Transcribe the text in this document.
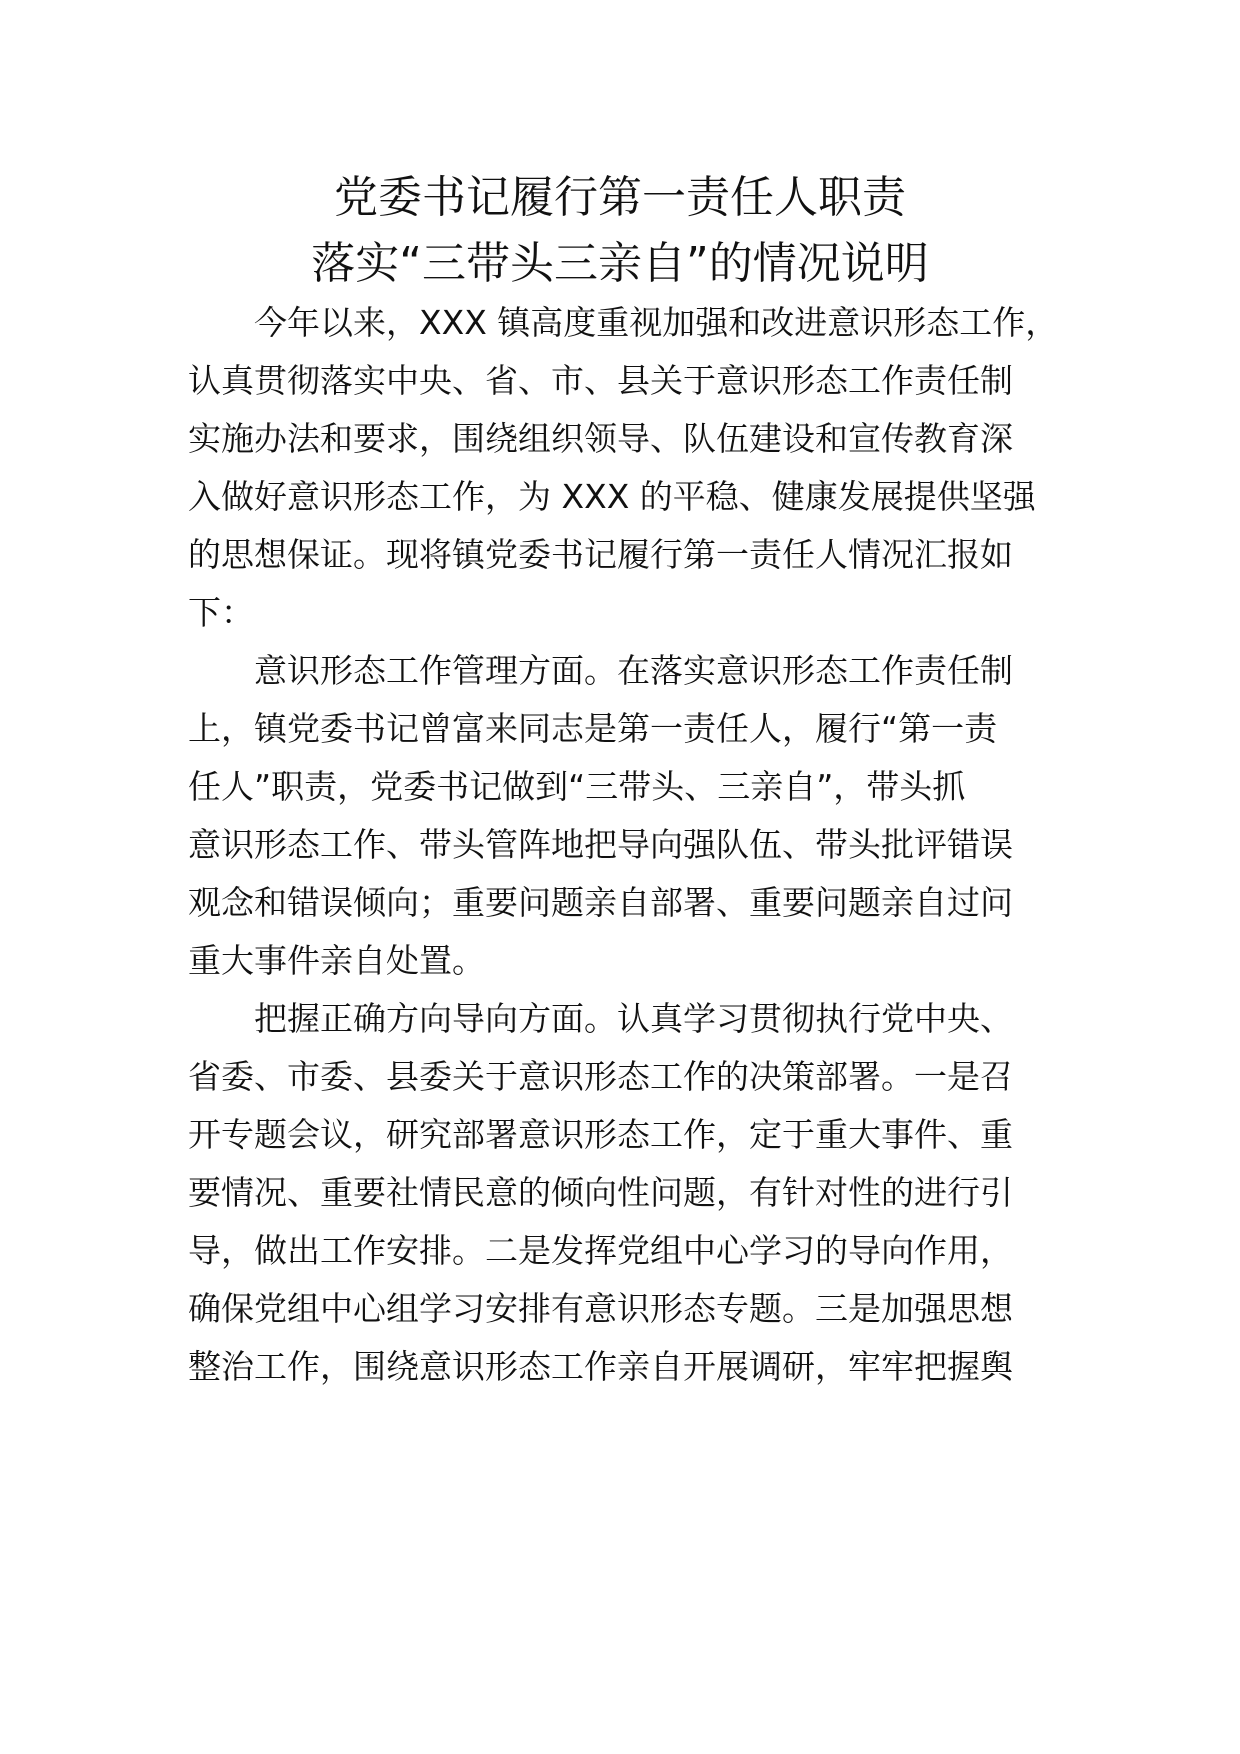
党委书记履行第一责任人职责
落实“三带头三亲自”的情况说明
今年以来，XXX 镇高度重视加强和改进意识形态工作，
认真贯彻落实中央、省、市、县关于意识形态工作责任制
实施办法和要求，围绕组织领导、队伍建设和宣传教育深
入做好意识形态工作，为 XXX 的平稳、健康发展提供坚强
的思想保证。现将镇党委书记履行第一责任人情况汇报如
下：
意识形态工作管理方面。在落实意识形态工作责任制
上，镇党委书记曾富来同志是第一责任人，履行“第一责
任人”职责，党委书记做到“三带头、三亲自”，带头抓
意识形态工作、带头管阵地把导向强队伍、带头批评错误
观念和错误倾向；重要问题亲自部署、重要问题亲自过问
重大事件亲自处置。
把握正确方向导向方面。认真学习贯彻执行党中央、
省委、市委、县委关于意识形态工作的决策部署。一是召
开专题会议，研究部署意识形态工作，定于重大事件、重
要情况、重要社情民意的倾向性问题，有针对性的进行引
导，做出工作安排。二是发挥党组中心学习的导向作用，
确保党组中心组学习安排有意识形态专题。三是加强思想
整治工作，围绕意识形态工作亲自开展调研，牢牢把握舆
